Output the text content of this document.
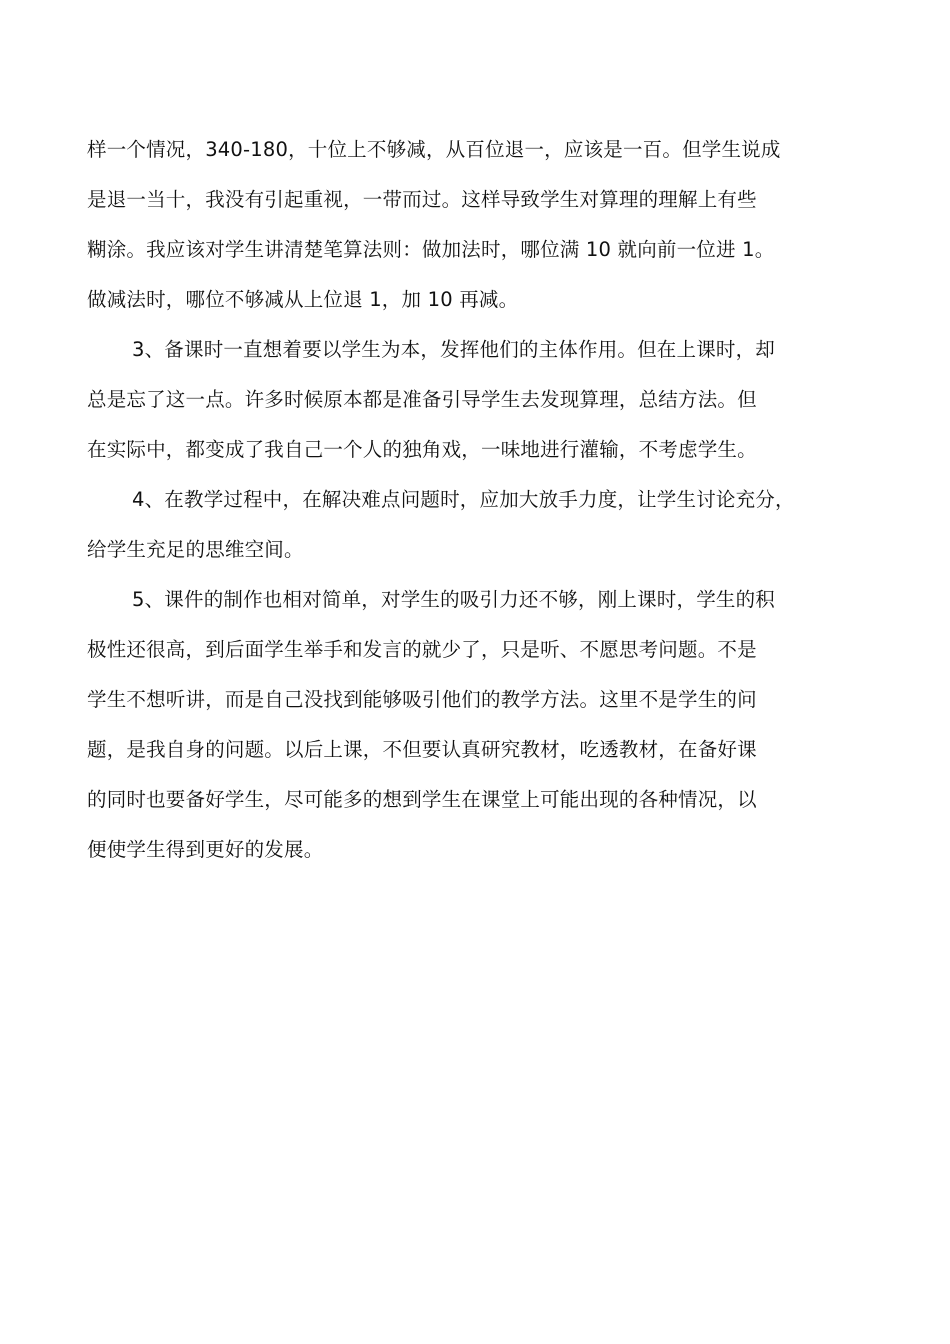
样一个情况，340-180，十位上不够减，从百位退一，应该是一百。但学生说成
是退一当十，我没有引起重视，一带而过。这样导致学生对算理的理解上有些
糊涂。我应该对学生讲清楚笔算法则：做加法时，哪位满 10 就向前一位进 1。
做减法时，哪位不够减从上位退 1，加 10 再减。
3、备课时一直想着要以学生为本，发挥他们的主体作用。但在上课时，却
总是忘了这一点。许多时候原本都是准备引导学生去发现算理，总结方法。但
在实际中，都变成了我自己一个人的独角戏，一味地进行灌输，不考虑学生。
4、在教学过程中，在解决难点问题时，应加大放手力度，让学生讨论充分，
给学生充足的思维空间。
5、课件的制作也相对简单，对学生的吸引力还不够，刚上课时，学生的积
极性还很高，到后面学生举手和发言的就少了，只是听、不愿思考问题。不是
学生不想听讲，而是自己没找到能够吸引他们的教学方法。这里不是学生的问
题，是我自身的问题。以后上课，不但要认真研究教材，吃透教材，在备好课
的同时也要备好学生，尽可能多的想到学生在课堂上可能出现的各种情况，以
便使学生得到更好的发展。
